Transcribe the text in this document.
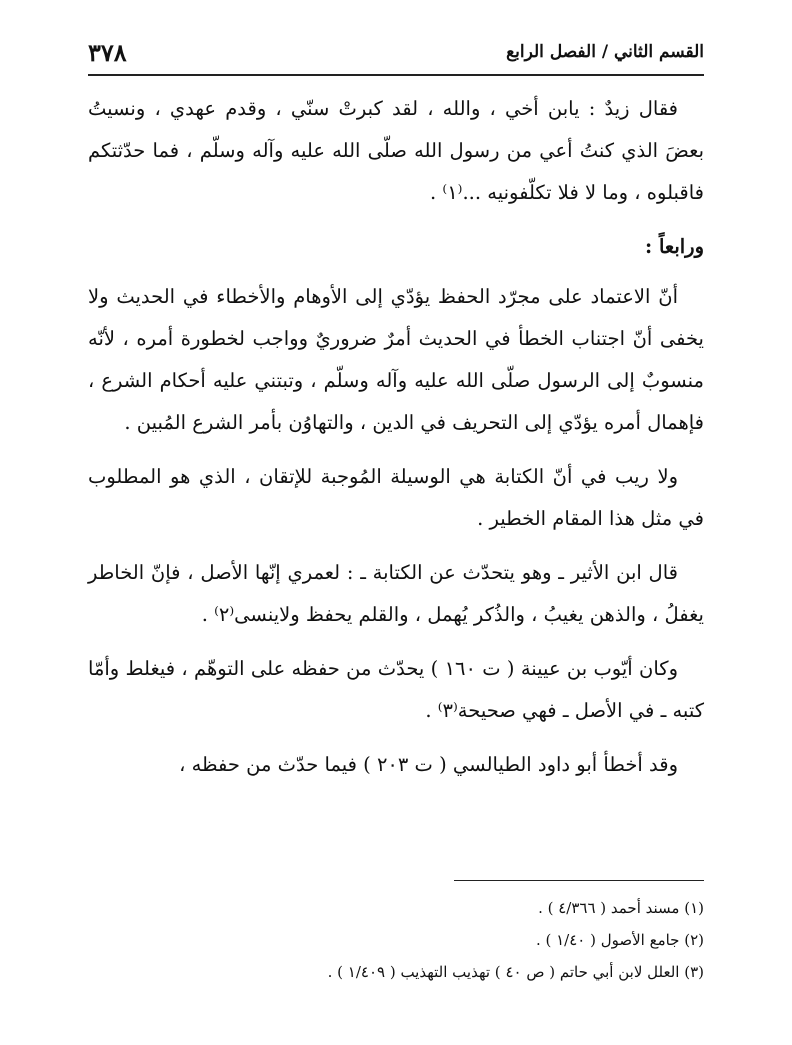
القسم الثاني / الفصل الرابع
٣٧٨

فقال زيدٌ : يابن أخي ، والله ، لقد كبرتْ سنّي ، وقدم عهدي ، ونسيتُ بعضَ الذي كنتُ أعي من رسول الله صلّى الله عليه وآله وسلّم ، فما حدّثتكم فاقبلوه ، وما لا فلا تكلّفونيه ...⁽١⁾ .

ورابعاً :

أنّ الاعتماد على مجرّد الحفظ يؤدّي إلى الأوهام والأخطاء في الحديث ولا يخفى أنّ اجتناب الخطأ في الحديث أمرٌ ضروريٌ وواجب لخطورة أمره ، لأنّه منسوبٌ إلى الرسول صلّى الله عليه وآله وسلّم ، وتبتني عليه أحكام الشرع ، فإهمال أمره يؤدّي إلى التحريف في الدين ، والتهاوُن بأمر الشرع المُبين .

ولا ريب في أنّ الكتابة هي الوسيلة المُوجبة للإتقان ، الذي هو المطلوب في مثل هذا المقام الخطير .

قال ابن الأثير ـ وهو يتحدّث عن الكتابة ـ : لعمري إنّها الأصل ، فإنّ الخاطر يغفلُ ، والذهن يغيبُ ، والذُكر يُهمل ، والقلم يحفظ ولاينسى⁽٢⁾ .

وكان أيّوب بن عيينة ( ت ١٦٠ ) يحدّث من حفظه على التوهّم ، فيغلط وأمّا كتبه ـ في الأصل ـ فهي صحيحة⁽٣⁾ .

وقد أخطأ أبو داود الطيالسي ( ت ٢٠٣ ) فيما حدّث من حفظه ،

(١) مسند أحمد ( ٤/٣٦٦ ) .

(٢) جامع الأصول ( ١/٤٠ ) .

(٣) العلل لابن أبي حاتم ( ص ٤٠ ) تهذيب التهذيب ( ١/٤٠٩ ) .
